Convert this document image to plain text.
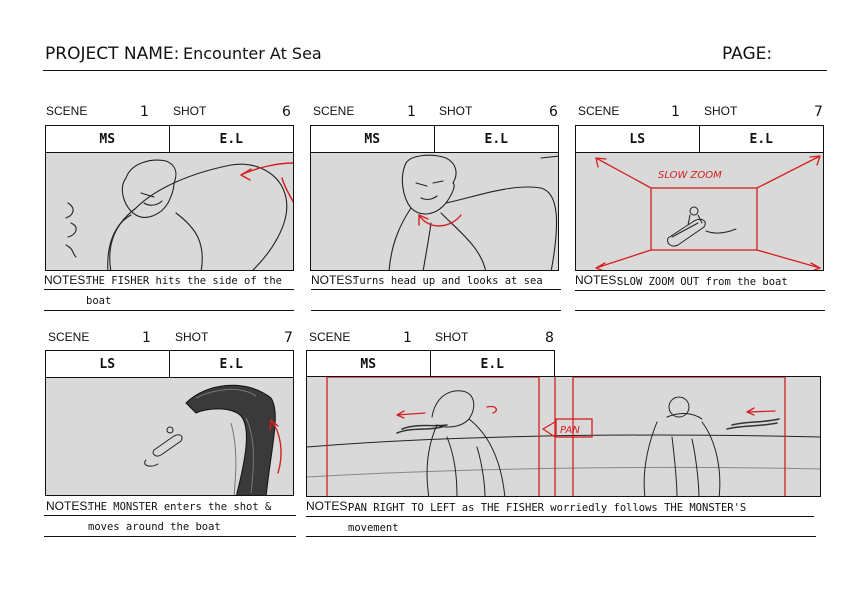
PROJECT NAME: Encounter At Sea	PAGE:
SCENE	1 SHOT	6
MS	E.L
NOTES:
THE FISHER hits the side of the
boat
SCENE	1 SHOT	6
MS	E.L
NOTES:
Turns head up and looks at sea
SCENE	1 SHOT	7
LS	E.L
SLOW ZOOM
NOTES:
SLOW ZOOM OUT from the boat
SCENE	1 SHOT	7
LS	E.L
NOTES:
THE MONSTER enters the shot &
moves around the boat
SCENE	1 SHOT	8
MS	E.L
PAN
NOTES:
PAN RIGHT TO LEFT as THE FISHER worriedly follows THE MONSTER'S
movement
